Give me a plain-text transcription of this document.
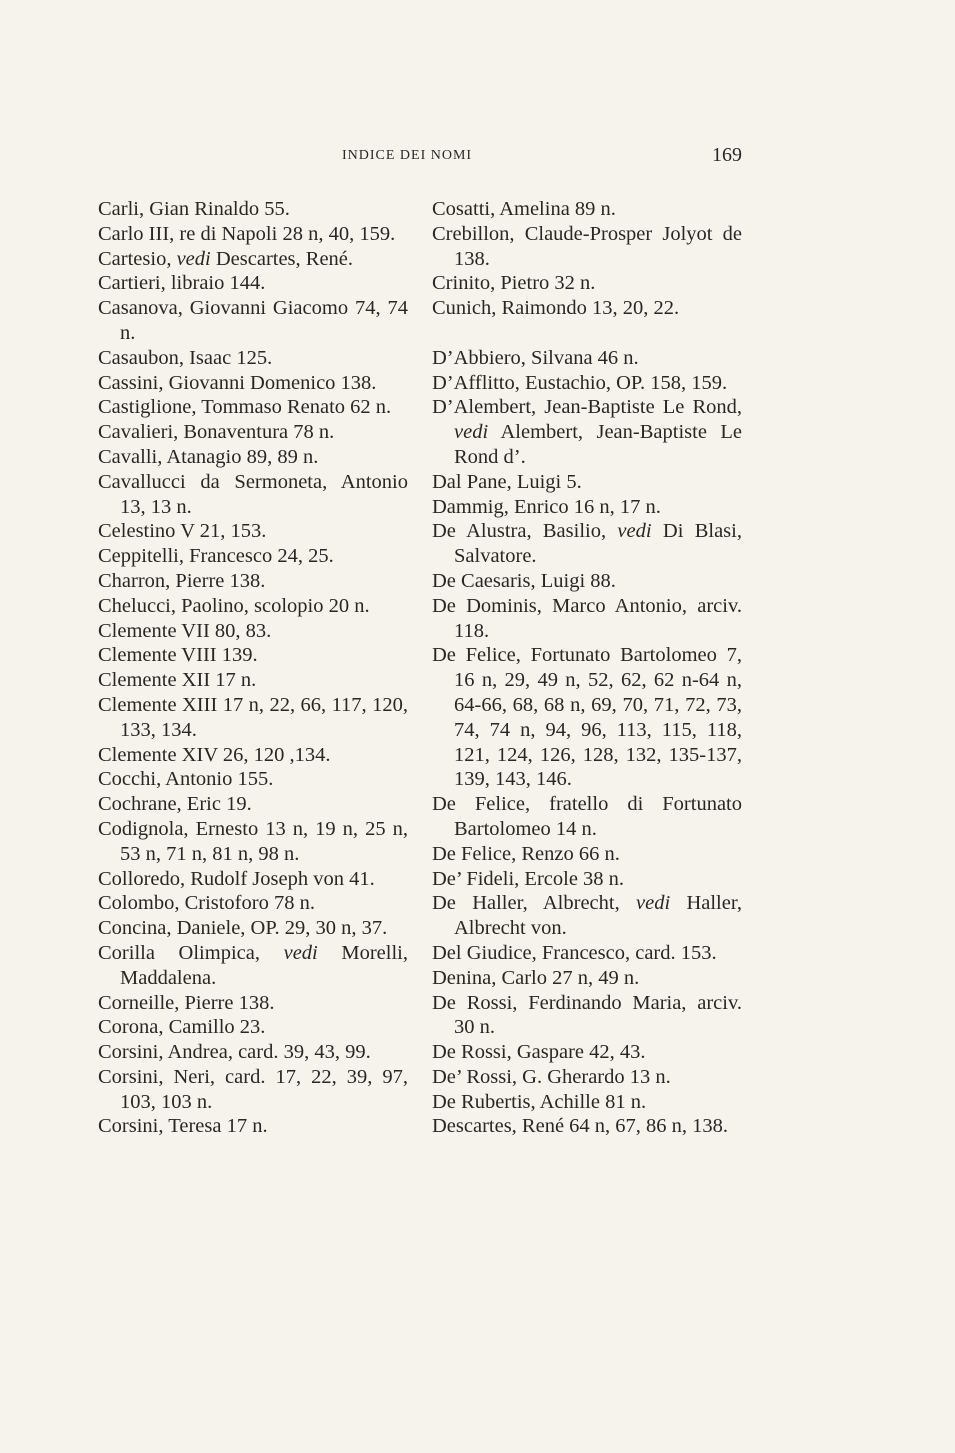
INDICE DEI NOMI	169
Carli, Gian Rinaldo 55.
Carlo III, re di Napoli 28 n, 40, 159.
Cartesio, vedi Descartes, René.
Cartieri, libraio 144.
Casanova, Giovanni Giacomo 74, 74 n.
Casaubon, Isaac 125.
Cassini, Giovanni Domenico 138.
Castiglione, Tommaso Renato 62 n.
Cavalieri, Bonaventura 78 n.
Cavalli, Atanagio 89, 89 n.
Cavallucci da Sermoneta, Antonio 13, 13 n.
Celestino V 21, 153.
Ceppitelli, Francesco 24, 25.
Charron, Pierre 138.
Chelucci, Paolino, scolopio 20 n.
Clemente VII 80, 83.
Clemente VIII 139.
Clemente XII 17 n.
Clemente XIII 17 n, 22, 66, 117, 120, 133, 134.
Clemente XIV 26, 120 ,134.
Cocchi, Antonio 155.
Cochrane, Eric 19.
Codignola, Ernesto 13 n, 19 n, 25 n, 53 n, 71 n, 81 n, 98 n.
Colloredo, Rudolf Joseph von 41.
Colombo, Cristoforo 78 n.
Concina, Daniele, OP. 29, 30 n, 37.
Corilla Olimpica, vedi Morelli, Maddalena.
Corneille, Pierre 138.
Corona, Camillo 23.
Corsini, Andrea, card. 39, 43, 99.
Corsini, Neri, card. 17, 22, 39, 97, 103, 103 n.
Corsini, Teresa 17 n.
Cosatti, Amelina 89 n.
Crebillon, Claude-Prosper Jolyot de 138.
Crinito, Pietro 32 n.
Cunich, Raimondo 13, 20, 22.
D’Abbiero, Silvana 46 n.
D’Afflitto, Eustachio, OP. 158, 159.
D’Alembert, Jean-Baptiste Le Rond, vedi Alembert, Jean-Baptiste Le Rond d’.
Dal Pane, Luigi 5.
Dammig, Enrico 16 n, 17 n.
De Alustra, Basilio, vedi Di Blasi, Salvatore.
De Caesaris, Luigi 88.
De Dominis, Marco Antonio, arciv. 118.
De Felice, Fortunato Bartolomeo 7, 16 n, 29, 49 n, 52, 62, 62 n-64 n, 64-66, 68, 68 n, 69, 70, 71, 72, 73, 74, 74 n, 94, 96, 113, 115, 118, 121, 124, 126, 128, 132, 135-137, 139, 143, 146.
De Felice, fratello di Fortunato Bartolomeo 14 n.
De Felice, Renzo 66 n.
De’ Fideli, Ercole 38 n.
De Haller, Albrecht, vedi Haller, Albrecht von.
Del Giudice, Francesco, card. 153.
Denina, Carlo 27 n, 49 n.
De Rossi, Ferdinando Maria, arciv. 30 n.
De Rossi, Gaspare 42, 43.
De’ Rossi, G. Gherardo 13 n.
De Rubertis, Achille 81 n.
Descartes, René 64 n, 67, 86 n, 138.
